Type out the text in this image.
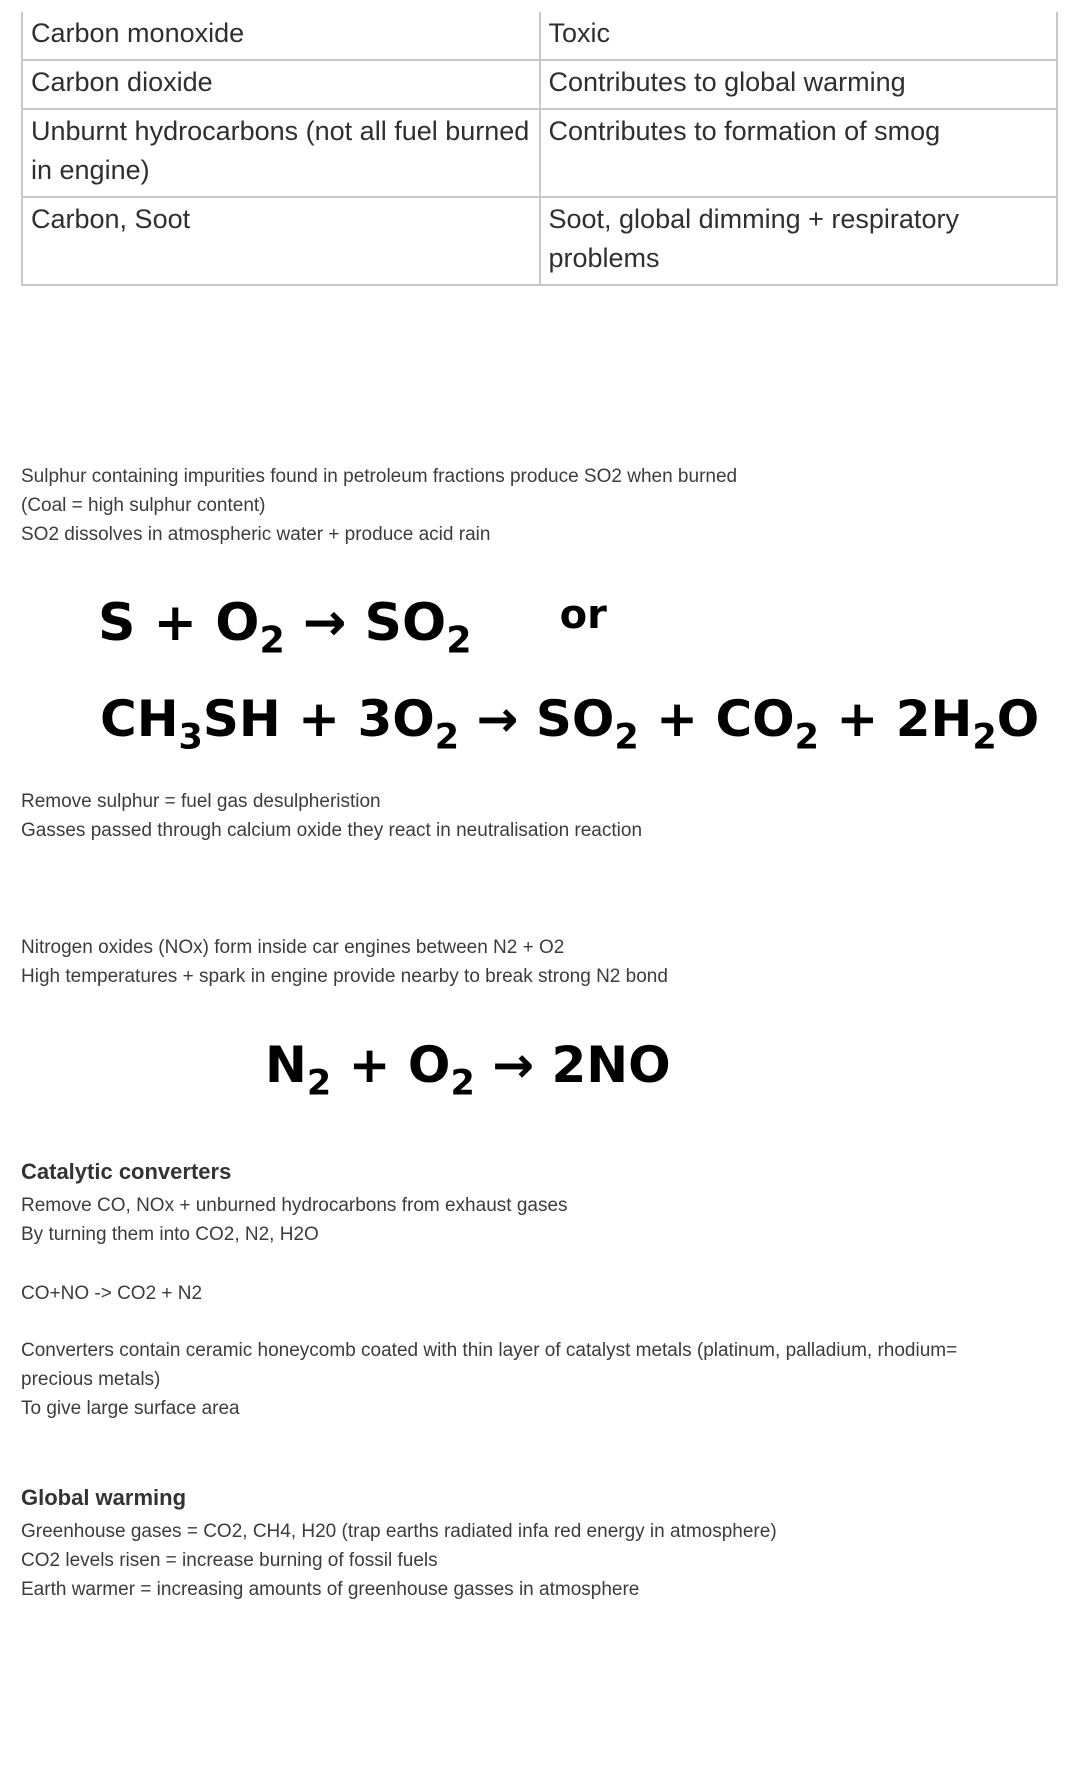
Carbon monoxide	Toxic
Carbon dioxide	Contributes to global warming
Unburnt hydrocarbons (not all fuel burned in engine)	Contributes to formation of smog
Carbon, Soot	Soot, global dimming + respiratory problems
Sulphur containing impurities found in petroleum fractions produce SO2 when burned
(Coal = high sulphur content)
SO2 dissolves in atmospheric water + produce acid rain
$S + O_2 \to SO_2$ $^{or}$
$CH_3SH + 3O_2 \to SO_2 + CO_2 + 2H_2O$
Remove sulphur = fuel gas desulpheristion
Gasses passed through calcium oxide they react in neutralisation reaction
Nitrogen oxides (NOx) form inside car engines between N2 + O2
High temperatures + spark in engine provide nearby to break strong N2 bond
$N_2 + O_2 \to 2NO$
Catalytic converters
Remove CO, NOx + unburned hydrocarbons from exhaust gases
By turning them into CO2, N2, H2O
CO+NO -> CO2 + N2
Converters contain ceramic honeycomb coated with thin layer of catalyst metals (platinum, palladium, rhodium=
precious metals)
To give large surface area
Global warming
Greenhouse gases = CO2, CH4, H20 (trap earths radiated infa red energy in atmosphere)
CO2 levels risen = increase burning of fossil fuels
Earth warmer = increasing amounts of greenhouse gasses in atmosphere
